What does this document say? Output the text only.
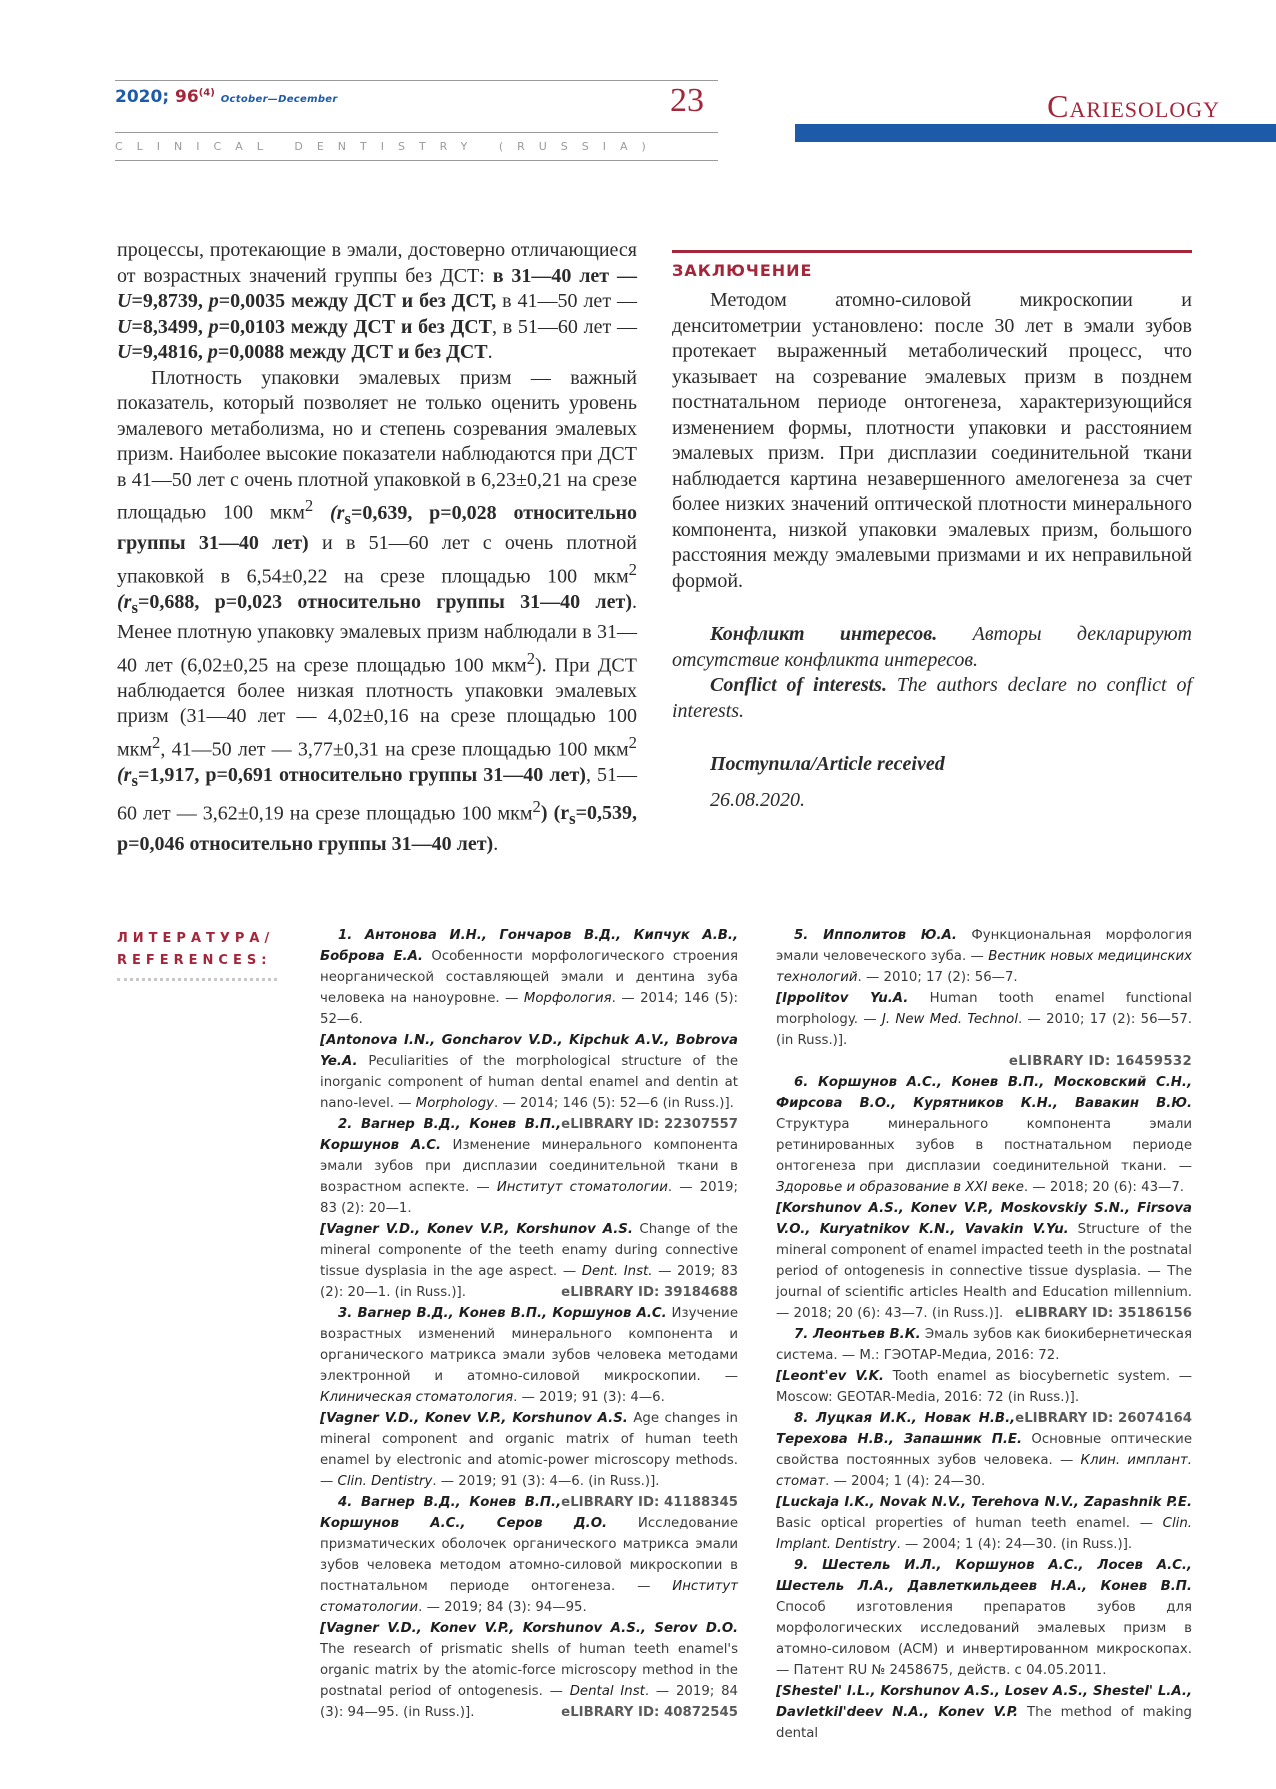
2020; 96$^{(4)}$ October—December	23
CLINICAL DENTISTRY (RUSSIA)
Cariesology

процессы, протекающие в эмали, достоверно отличающиеся от возрастных значений группы без ДСТ: в 31—40 лет — U=9,8739, p=0,0035 между ДСТ и без ДСТ, в 41—50 лет — U=8,3499, p=0,0103 между ДСТ и без ДСТ, в 51—60 лет — U=9,4816, p=0,0088 между ДСТ и без ДСТ.

Плотность упаковки эмалевых призм — важный показатель, который позволяет не только оценить уровень эмалевого метаболизма, но и степень созревания эмалевых призм. Наиболее высокие показатели наблюдаются при ДСТ в 41—50 лет с очень плотной упаковкой в 6,23±0,21 на срезе площадью 100 мкм$^2$ ($r_s=0,639$, p=0,028 относительно группы 31—40 лет) и в 51—60 лет с очень плотной упаковкой в 6,54±0,22 на срезе площадью 100 мкм$^2$ ($r_s=0,688$, p=0,023 относительно группы 31—40 лет). Менее плотную упаковку эмалевых призм наблюдали в 31—40 лет (6,02±0,25 на срезе площадью 100 мкм$^2$). При ДСТ наблюдается более низкая плотность упаковки эмалевых призм (31—40 лет — 4,02±0,16 на срезе площадью 100 мкм$^2$, 41—50 лет — 3,77±0,31 на срезе площадью 100 мкм$^2$ ($r_s=1,917$, p=0,691 относительно группы 31—40 лет), 51—60 лет — 3,62±0,19 на срезе площадью 100 мкм$^2$) ($r_s=0,539$, p=0,046 относительно группы 31—40 лет).

ЗАКЛЮЧЕНИЕ

Методом атомно-силовой микроскопии и денситометрии установлено: после 30 лет в эмали зубов протекает выраженный метаболический процесс, что указывает на созревание эмалевых призм в позднем постнатальном периоде онтогенеза, характеризующийся изменением формы, плотности упаковки и расстоянием эмалевых призм. При дисплазии соединительной ткани наблюдается картина незавершенного амелогенеза за счет более низких значений оптической плотности минерального компонента, низкой упаковки эмалевых призм, большого расстояния между эмалевыми призмами и их неправильной формой.

Конфликт интересов. Авторы декларируют отсутствие конфликта интересов.

Conflict of interests. The authors declare no conflict of interests.

Поступила/Article received

26.08.2020.

ЛИТЕРАТУРА/
REFERENCES:

1. Антонова И.Н., Гончаров В.Д., Кипчук А.В., Боброва Е.А. Особенности морфологического строения неорганической составляющей эмали и дентина зуба человека на наноуровне. — Морфология. — 2014; 146 (5): 52—6.

[Antonova I.N., Goncharov V.D., Kipchuk A.V., Bobrova Ye.A. Peculiarities of the morphological structure of the inorganic component of human dental enamel and dentin at nano-level. — Morphology. — 2014; 146 (5): 52—6 (in Russ.)].
eLIBRARY ID: 22307557

2. Вагнер В.Д., Конев В.П., Коршунов А.С. Изменение минерального компонента эмали зубов при дисплазии соединительной ткани в возрастном аспекте. — Институт стоматологии. — 2019; 83 (2): 20—1.

[Vagner V.D., Konev V.P., Korshunov A.S. Change of the mineral componente of the teeth enamy during connective tissue dysplasia in the age aspect. — Dent. Inst. — 2019; 83 (2): 20—1. (in Russ.)].	eLIBRARY ID: 39184688

3. Вагнер В.Д., Конев В.П., Коршунов А.С. Изучение возрастных изменений минерального компонента и органического матрикса эмали зубов человека методами электронной и атомно-силовой микроскопии. — Клиническая стоматология. — 2019; 91 (3): 4—6.

[Vagner V.D., Konev V.P., Korshunov A.S. Age changes in mineral component and organic matrix of human teeth enamel by electronic and atomic-power microscopy methods. — Clin. Dentistry. — 2019; 91 (3): 4—6. (in Russ.)].
eLIBRARY ID: 41188345

4. Вагнер В.Д., Конев В.П., Коршунов А.С., Серов Д.О. Исследование призматических оболочек органического матрикса эмали зубов человека методом атомно-силовой микроскопии в постнатальном периоде онтогенеза. — Институт стоматологии. — 2019; 84 (3): 94—95.

[Vagner V.D., Konev V.P., Korshunov A.S., Serov D.O. The research of prismatic shells of human teeth enamel's organic matrix by the atomic-force microscopy method in the postnatal period of ontogenesis. — Dental Inst. — 2019; 84 (3): 94—95. (in Russ.)].	eLIBRARY ID: 40872545

5. Ипполитов Ю.А. Функциональная морфология эмали человеческого зуба. — Вестник новых медицинских технологий. — 2010; 17 (2): 56—7.

[Ippolitov Yu.A. Human tooth enamel functional morphology. — J. New Med. Technol. — 2010; 17 (2): 56—57. (in Russ.)].

eLIBRARY ID: 16459532

6. Коршунов А.С., Конев В.П., Московский С.Н., Фирсова В.О., Курятников К.Н., Вавакин В.Ю. Структура минерального компонента эмали ретинированных зубов в постнатальном периоде онтогенеза при дисплазии соединительной ткани. — Здоровье и образование в XXI веке. — 2018; 20 (6): 43—7.

[Korshunov A.S., Konev V.P., Moskovskiy S.N., Firsova V.O., Kuryatnikov K.N., Vavakin V.Yu. Structure of the mineral component of enamel impacted teeth in the postnatal period of ontogenesis in connective tissue dysplasia. — The journal of scientific articles Health and Education millennium. — 2018; 20 (6): 43—7. (in Russ.)]. eLIBRARY ID: 35186156

7. Леонтьев В.К. Эмаль зубов как биокибернетическая система. — М.: ГЭОТАР-Медиа, 2016: 72.

[Leont'ev V.K. Tooth enamel as biocybernetic system. — Moscow: GEOTAR-Media, 2016: 72 (in Russ.)].
eLIBRARY ID: 26074164

8. Луцкая И.К., Новак Н.В., Терехова Н.В., Запашник П.Е. Основные оптические свойства постоянных зубов человека. — Клин. имплант. стомат. — 2004; 1 (4): 24—30.

[Luckaja I.K., Novak N.V., Terehova N.V., Zapashnik P.E. Basic optical properties of human teeth enamel. — Clin. Implant. Dentistry. — 2004; 1 (4): 24—30. (in Russ.)].

9. Шестель И.Л., Коршунов А.С., Лосев А.С., Шестель Л.А., Давлеткильдеев Н.А., Конев В.П. Способ изготовления препаратов зубов для морфологических исследований эмалевых призм в атомно-силовом (АСМ) и инвертированном микроскопах. — Патент RU № 2458675, действ. с 04.05.2011.

[Shestel' I.L., Korshunov A.S., Losev A.S., Shestel' L.A., Davletkil'deev N.A., Konev V.P. The method of making dental
